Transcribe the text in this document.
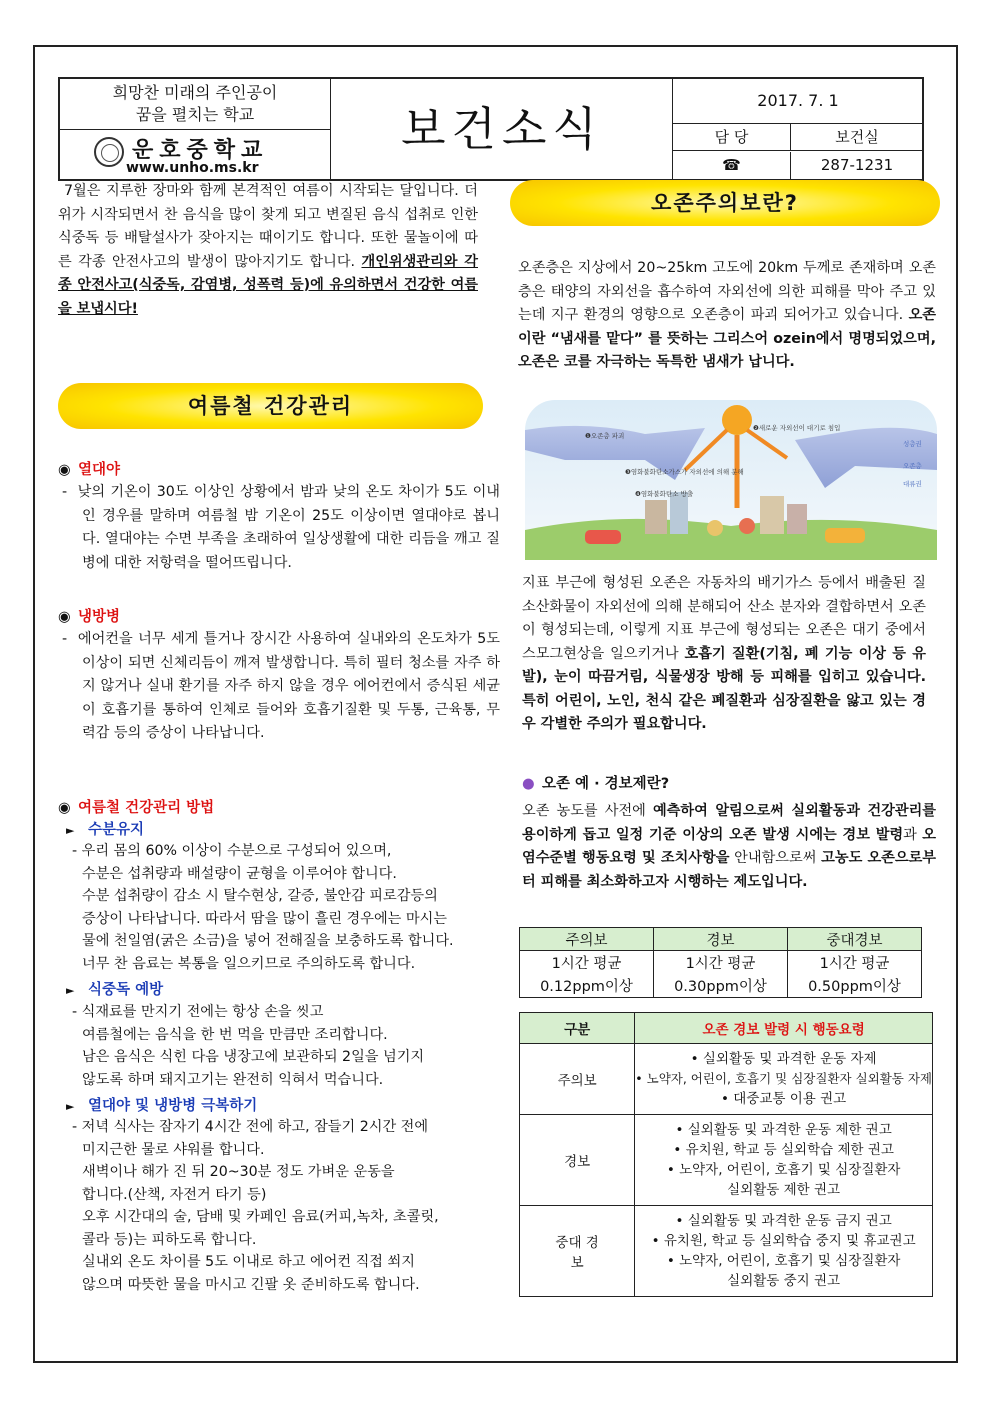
희망찬 미래의 주인공이
꿈을 펼치는 학교
운호중학교
www.unho.ms.kr
보건소식
2017. 7. 1
담 당	보건실
☎	287-1231
7월은 지루한 장마와 함께 본격적인 여름이 시작되는 달입니다. 더위가 시작되면서 찬 음식을 많이 찾게 되고 변질된 음식 섭취로 인한 식중독 등 배탈설사가 잦아지는 때이기도 합니다. 또한 물놀이에 따른 각종 안전사고의 발생이 많아지기도 합니다. 개인위생관리와 각종 안전사고(식중독, 감염병, 성폭력 등)에 유의하면서 건강한 여름을 보냅시다!
여름철 건강관리
◉ 열대야
-  낮의 기온이 30도 이상인 상황에서 밤과 낮의 온도 차이가 5도 이내인 경우를 말하며 여름철 밤 기온이 25도 이상이면 열대야로 봅니다. 열대야는 수면 부족을 초래하여 일상생활에 대한 리듬을 깨고 질병에 대한 저항력을 떨어뜨립니다.
◉ 냉방병
-  에어컨을 너무 세게 틀거나 장시간 사용하여 실내와의 온도차가 5도 이상이 되면 신체리듬이 깨져 발생합니다. 특히 필터 청소를 자주 하지 않거나 실내 환기를 자주 하지 않을 경우 에어컨에서 증식된 세균이 호흡기를 통하여 인체로 들어와 호흡기질환 및 두통, 근육통, 무력감 등의 증상이 나타납니다.
◉ 여름철 건강관리 방법
► 수분유지
- 우리 몸의 60% 이상이 수분으로 구성되어 있으며,
수분은 섭취량과 배설량이 균형을 이루어야 합니다.
수분 섭취량이 감소 시 탈수현상, 갈증, 불안감 피로감등의
증상이 나타납니다. 따라서 땀을 많이 흘린 경우에는 마시는
물에 천일염(굵은 소금)을 넣어 전해질을 보충하도록 합니다.
너무 찬 음료는 복통을 일으키므로 주의하도록 합니다.
► 식중독 예방
- 식재료를 만지기 전에는 항상 손을 씻고
여름철에는 음식을 한 번 먹을 만큼만 조리합니다.
남은 음식은 식힌 다음 냉장고에 보관하되 2일을 넘기지
않도록 하며 돼지고기는 완전히 익혀서 먹습니다.
► 열대야 및 냉방병 극복하기
- 저녁 식사는 잠자기 4시간 전에 하고, 잠들기 2시간 전에
미지근한 물로 샤워를 합니다.
새벽이나 해가 진 뒤 20~30분 정도 가벼운 운동을
합니다.(산책, 자전거 타기 등)
오후 시간대의 술, 담배 및 카페인 음료(커피,녹차, 초콜릿,
콜라 등)는 피하도록 합니다.
실내외 온도 차이를 5도 이내로 하고 에어컨 직접 쐬지
않으며 따뜻한 물을 마시고 긴팔 옷 준비하도록 합니다.
오존주의보란?
오존층은 지상에서 20~25km 고도에 20km 두께로 존재하며 오존층은 태양의 자외선을 흡수하여 자외선에 의한 피해를 막아 주고 있는데 지구 환경의 영향으로 오존층이 파괴 되어가고 있습니다. 오존이란 “냄새를 맡다” 를 뜻하는 그리스어 ozein에서 명명되었으며, 오존은 코를 자극하는 독특한 냄새가 납니다.
❶오존층 파괴
❷새로운 자외선이 대기로 침입
❸염화불화탄소가스가 자외선에 의해 분해
❹염화불화탄소 방출
성층권
오존층
대류권
지표 부근에 형성된 오존은 자동차의 배기가스 등에서 배출된 질소산화물이 자외선에 의해 분해되어 산소 분자와 결합하면서 오존이 형성되는데, 이렇게 지표 부근에 형성되는 오존은 대기 중에서 스모그현상을 일으키거나 호흡기 질환(기침, 폐 기능 이상 등 유발), 눈이 따끔거림, 식물생장 방해 등 피해를 입히고 있습니다. 특히 어린이, 노인, 천식 같은 폐질환과 심장질환을 앓고 있는 경우 각별한 주의가 필요합니다.
● 오존 예 · 경보제란?
오존 농도를 사전에 예측하여 알림으로써 실외활동과 건강관리를 용이하게 돕고 일정 기준 이상의 오존 발생 시에는 경보 발령과 오염수준별 행동요령 및 조치사항을 안내함으로써 고농도 오존으로부터 피해를 최소화하고자 시행하는 제도입니다.
주의보	경보	중대경보
1시간 평균	1시간 평균	1시간 평균
0.12ppm이상	0.30ppm이상	0.50ppm이상
구분	오존 경보 발령 시 행동요령
주의보	• 실외활동 및 과격한 운동 자제
• 노약자, 어린이, 호흡기 및 심장질환자 실외활동 자제
• 대중교통 이용 권고

경보	• 실외활동 및 과격한 운동 제한 권고
• 유치원, 학교 등 실외학습 제한 권고
• 노약자, 어린이, 호흡기 및 심장질환자
실외활동 제한 권고

중대 경보	• 실외활동 및 과격한 운동 금지 권고
• 유치원, 학교 등 실외학습 중지 및 휴교권고
• 노약자, 어린이, 호흡기 및 심장질환자
실외활동 중지 권고
